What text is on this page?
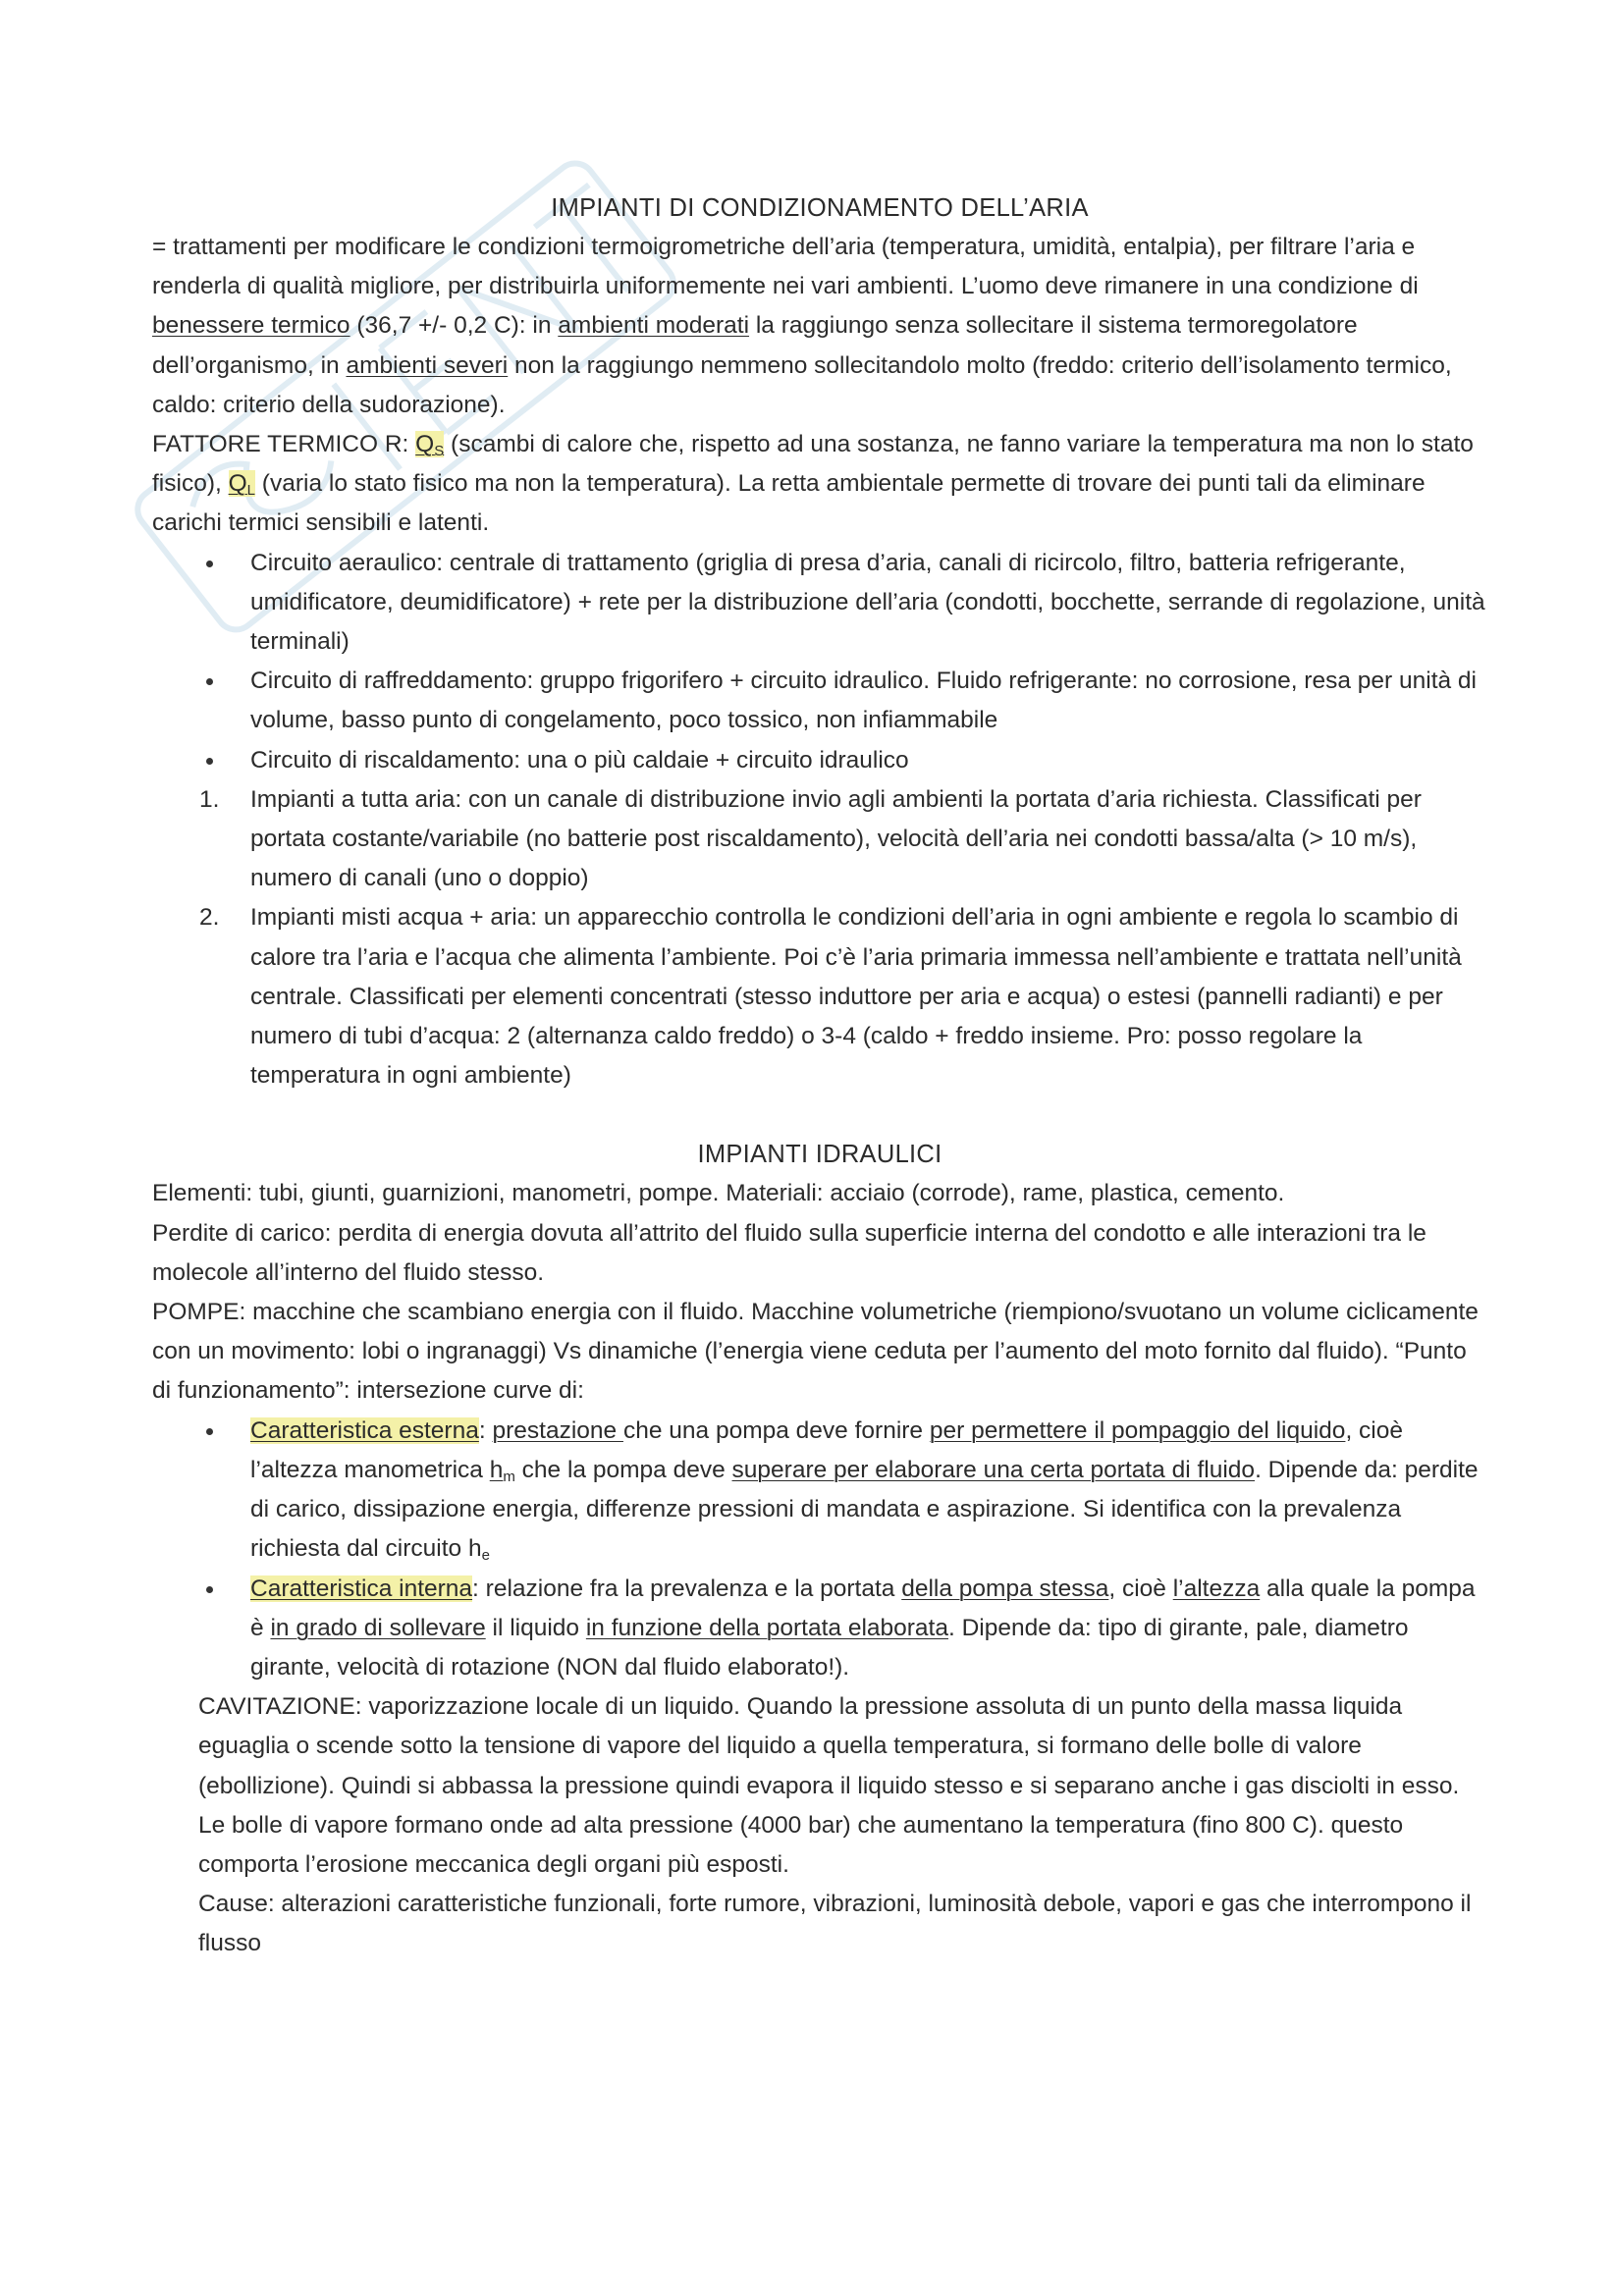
IMPIANTI DI CONDIZIONAMENTO DELL’ARIA

= trattamenti per modificare le condizioni termoigrometriche dell’aria (temperatura, umidità, entalpia), per filtrare l’aria e renderla di qualità migliore, per distribuirla uniformemente nei vari ambienti. L’uomo deve rimanere in una condizione di benessere termico (36,7 +/- 0,2 C): in ambienti moderati la raggiungo senza sollecitare il sistema termoregolatore dell’organismo, in ambienti severi non la raggiungo nemmeno sollecitandolo molto (freddo: criterio dell’isolamento termico, caldo: criterio della sudorazione).

FATTORE TERMICO R: $Q_S$ (scambi di calore che, rispetto ad una sostanza, ne fanno variare la temperatura ma non lo stato fisico), $Q_L$ (varia lo stato fisico ma non la temperatura). La retta ambientale permette di trovare dei punti tali da eliminare carichi termici sensibili e latenti.

Circuito aeraulico: centrale di trattamento (griglia di presa d’aria, canali di ricircolo, filtro, batteria refrigerante, umidificatore, deumidificatore) + rete per la distribuzione dell’aria (condotti, bocchette, serrande di regolazione, unità terminali)
Circuito di raffreddamento: gruppo frigorifero + circuito idraulico. Fluido refrigerante: no corrosione, resa per unità di volume, basso punto di congelamento, poco tossico, non infiammabile
Circuito di riscaldamento: una o più caldaie + circuito idraulico
1.	Impianti a tutta aria: con un canale di distribuzione invio agli ambienti la portata d’aria richiesta. Classificati per portata costante/variabile (no batterie post riscaldamento), velocità dell’aria nei condotti bassa/alta (> 10 m/s), numero di canali (uno o doppio)
2.	Impianti misti acqua + aria: un apparecchio controlla le condizioni dell’aria in ogni ambiente e regola lo scambio di calore tra l’aria e l’acqua che alimenta l’ambiente. Poi c’è l’aria primaria immessa nell’ambiente e trattata nell’unità centrale. Classificati per elementi concentrati (stesso induttore per aria e acqua) o estesi (pannelli radianti) e per numero di tubi d’acqua: 2 (alternanza caldo freddo) o 3-4 (caldo + freddo insieme. Pro: posso regolare la temperatura in ogni ambiente)
IMPIANTI IDRAULICI

Elementi: tubi, giunti, guarnizioni, manometri, pompe. Materiali: acciaio (corrode), rame, plastica, cemento.

Perdite di carico: perdita di energia dovuta all’attrito del fluido sulla superficie interna del condotto e alle interazioni tra le molecole all’interno del fluido stesso.

POMPE: macchine che scambiano energia con il fluido. Macchine volumetriche (riempiono/svuotano un volume ciclicamente con un movimento: lobi o ingranaggi) Vs dinamiche (l’energia viene ceduta per l’aumento del moto fornito dal fluido). “Punto di funzionamento”: intersezione curve di:

Caratteristica esterna: prestazione che una pompa deve fornire per permettere il pompaggio del liquido, cioè l’altezza manometrica $h_m$ che la pompa deve superare per elaborare una certa portata di fluido. Dipende da: perdite di carico, dissipazione energia, differenze pressioni di mandata e aspirazione. Si identifica con la prevalenza richiesta dal circuito $h_e$
Caratteristica interna: relazione fra la prevalenza e la portata della pompa stessa, cioè l’altezza alla quale la pompa è in grado di sollevare il liquido in funzione della portata elaborata. Dipende da: tipo di girante, pale, diametro girante, velocità di rotazione (NON dal fluido elaborato!).

CAVITAZIONE: vaporizzazione locale di un liquido. Quando la pressione assoluta di un punto della massa liquida eguaglia o scende sotto la tensione di vapore del liquido a quella temperatura, si formano delle bolle di valore (ebollizione). Quindi si abbassa la pressione quindi evapora il liquido stesso e si separano anche i gas disciolti in esso. Le bolle di vapore formano onde ad alta pressione (4000 bar) che aumentano la temperatura (fino 800 C). questo comporta l’erosione meccanica degli organi più esposti.

Cause: alterazioni caratteristiche funzionali, forte rumore, vibrazioni, luminosità debole, vapori e gas che interrompono il flusso
